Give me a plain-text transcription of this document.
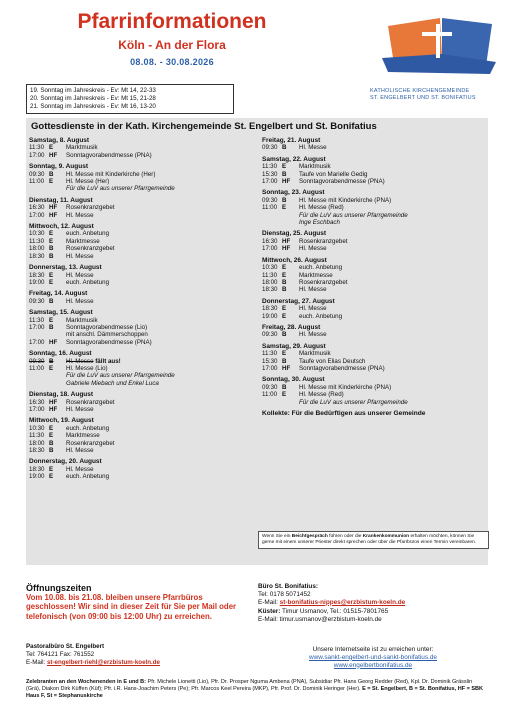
Pfarrinformationen
Köln - An der Flora
08.08. - 30.08.2026
KATHOLISCHE KIRCHENGEMEINDE
ST. ENGELBERT UND ST. BONIFATIUS
19. Sonntag im Jahreskreis - Ev: Mt 14, 22-33
20. Sonntag im Jahreskreis - Ev: Mt 15, 21-28
21. Sonntag im Jahreskreis - Ev: Mt 16, 13-20
Gottesdienste in der Kath. Kirchengemeinde St. Engelbert und St. Bonifatius
Samstag, 8. August
11:30 E	Marktmusik
17:00 HF	Sonntagvorabendmesse (PNA)
Sonntag, 9. August
09:30 B	Hl. Messe mit Kinderkirche (Her)
11:00 E	Hl. Messe (Her)
Für die LuV aus unserer Pfarrgemeinde
Dienstag, 11. August
16:30 HF	Rosenkranzgebet
17:00 HF	Hl. Messe
Mittwoch, 12. August
10:30 E	euch. Anbetung
11:30 E	Marktmesse
18:00 B	Rosenkranzgebet
18:30 B	Hl. Messe
Donnerstag, 13. August
18:30 E	Hl. Messe
19:00 E	euch. Anbetung
Freitag, 14. August
09:30 B	Hl. Messe
Samstag, 15. August
11:30 E	Marktmusik
17:00 B	Sonntagvorabendmesse (Lio)
mit anschl. Dämmerschoppen
17:00 HF	Sonntagvorabendmesse (PNA)
Sonntag, 16. August
09:30 B	Hl. Messe fällt aus!
11:00 E	Hl. Messe (Lio)
Für die LuV aus unserer Pfarrgemeinde
Gabriele Miebach und Enkel Luca
Dienstag, 18. August
16:30 HF	Rosenkranzgebet
17:00 HF	Hl. Messe
Mittwoch, 19. August
10:30 E	euch. Anbetung
11:30 E	Marktmesse
18:00 B	Rosenkranzgebet
18:30 B	Hl. Messe
Donnerstag, 20. August
18:30 E	Hl. Messe
19:00 E	euch. Anbetung
Freitag, 21. August
09:30 B	Hl. Messe
Samstag, 22. August
11:30 E	Marktmusik
15:30 B	Taufe von Marielle Gedig
17:00 HF	Sonntagvorabendmesse (PNA)
Sonntag, 23. August
09:30 B	Hl. Messe mit Kinderkirche (PNA)
11:00 E	Hl. Messe (Red)
Für die LuV aus unserer Pfarrgemeinde
Inge Eschbach
Dienstag, 25. August
16:30 HF	Rosenkranzgebet
17:00 HF	Hl. Messe
Mittwoch, 26. August
10:30 E	euch. Anbetung
11:30 E	Marktmesse
18:00 B	Rosenkranzgebet
18:30 B	Hl. Messe
Donnerstag, 27. August
18:30 E	Hl. Messe
19:00 E	euch. Anbetung
Freitag, 28. August
09:30 B	Hl. Messe
Samstag, 29. August
11:30 E	Marktmusik
15:30 B	Taufe von Elias Deutsch
17:00 HF	Sonntagvorabendmesse (PNA)
Sonntag, 30. August
09:30 B	Hl. Messe mit Kinderkirche (PNA)
11:00 E	Hl. Messe (Red)
Für die LuV aus unserer Pfarrgemeinde
Kollekte: Für die Bedürftigen aus unserer Gemeinde
Wenn Sie ein Beichtgespräch führen oder die Krankenkommunion erhalten möchten, können Sie gerne mit einem unserer Priester direkt sprechen oder über die Pfarrbüros einen Termin vereinbaren.
Öffnungszeiten
Vom 10.08. bis 21.08. bleiben unsere Pfarrbüros geschlossen! Wir sind in dieser Zeit für Sie per Mail oder telefonisch (von 09:00 bis 12:00 Uhr) zu erreichen.
Pastoralbüro St. Engelbert
Tel: 764121 Fax: 761552
E-Mail: st-engelbert-riehl@erzbistum-koeln.de
Büro St. Bonifatius:
Tel: 0178 5071452
E-Mail: st-bonifatius-nippes@erzbistum-koeln.de
Küster: Timur Usmanov, Tel.: 01515-7801765
E-Mail: timur.usmanov@erzbistum-koeln.de
Unsere Internetseite ist zu erreichen unter:
www.sankt-engelbert-und-sankt-bonifatius.de
www.engelbertbonifatius.de
Zelebranten an den Wochenenden in E und B: Pfr. Michele Lionetti (Lio), Pfr. Dr. Prosper Nguma Ambena (PNA), Subsidiar Pfr. Hans Georg Redder (Red), Kpl. Dr. Dominik Grässlin (Grä), Diakon Dirk Küffen (Küf); Pfr. i.R. Hans-Joachim Peters (Pe); Pfr. Marcos Keel Pereira (MKP), Pfr. Prof. Dr. Dominik Heringer (Her). E = St. Engelbert, B = St. Bonifatius, HF = SBK Haus F, St = Stephanuskirche
